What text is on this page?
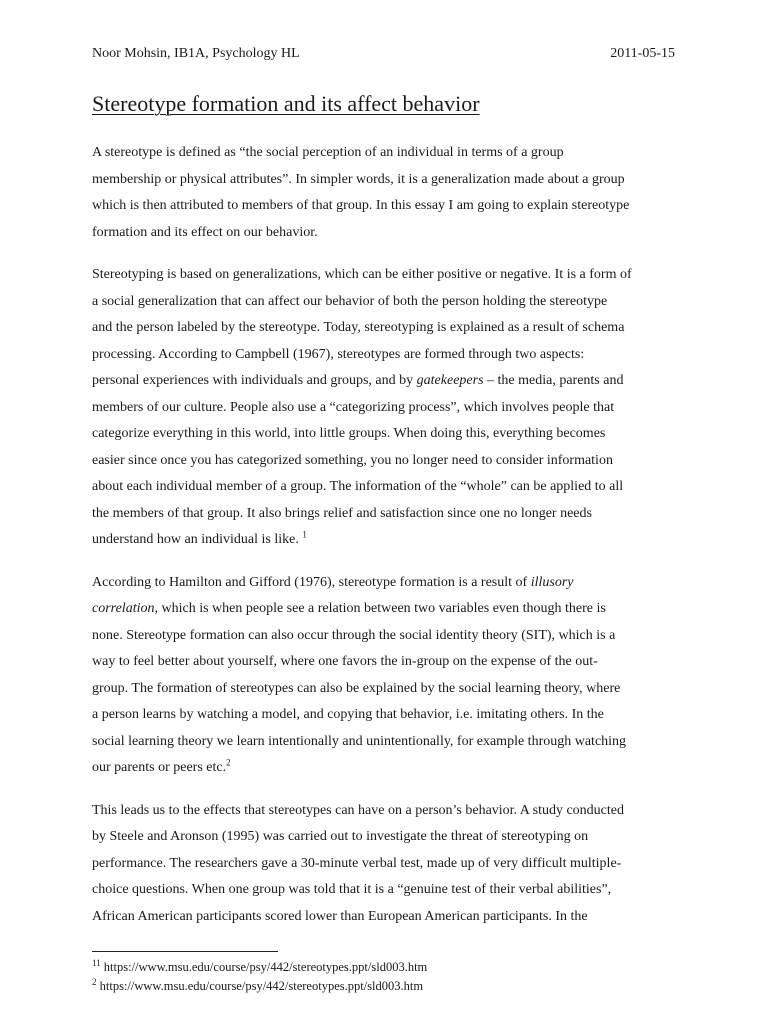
Noor Mohsin, IB1A, Psychology HL	2011-05-15
Stereotype formation and its affect behavior

A stereotype is defined as “the social perception of an individual in terms of a group
membership or physical attributes”. In simpler words, it is a generalization made about a group
which is then attributed to members of that group. In this essay I am going to explain stereotype
formation and its effect on our behavior.

Stereotyping is based on generalizations, which can be either positive or negative. It is a form of
a social generalization that can affect our behavior of both the person holding the stereotype
and the person labeled by the stereotype. Today, stereotyping is explained as a result of schema
processing. According to Campbell (1967), stereotypes are formed through two aspects:
personal experiences with individuals and groups, and by gatekeepers – the media, parents and
members of our culture. People also use a “categorizing process”, which involves people that
categorize everything in this world, into little groups. When doing this, everything becomes
easier since once you has categorized something, you no longer need to consider information
about each individual member of a group. The information of the “whole” can be applied to all
the members of that group. It also brings relief and satisfaction since one no longer needs
understand how an individual is like. $^1$

According to Hamilton and Gifford (1976), stereotype formation is a result of illusory
correlation, which is when people see a relation between two variables even though there is
none. Stereotype formation can also occur through the social identity theory (SIT), which is a
way to feel better about yourself, where one favors the in-group on the expense of the out-
group. The formation of stereotypes can also be explained by the social learning theory, where
a person learns by watching a model, and copying that behavior, i.e. imitating others. In the
social learning theory we learn intentionally and unintentionally, for example through watching
our parents or peers etc.$^2$

This leads us to the effects that stereotypes can have on a person’s behavior. A study conducted
by Steele and Aronson (1995) was carried out to investigate the threat of stereotyping on
performance. The researchers gave a 30-minute verbal test, made up of very difficult multiple-
choice questions. When one group was told that it is a “genuine test of their verbal abilities”,
African American participants scored lower than European American participants. In the

$^{11}$ https://www.msu.edu/course/psy/442/stereotypes.ppt/sld003.htm
$^2$ https://www.msu.edu/course/psy/442/stereotypes.ppt/sld003.htm
